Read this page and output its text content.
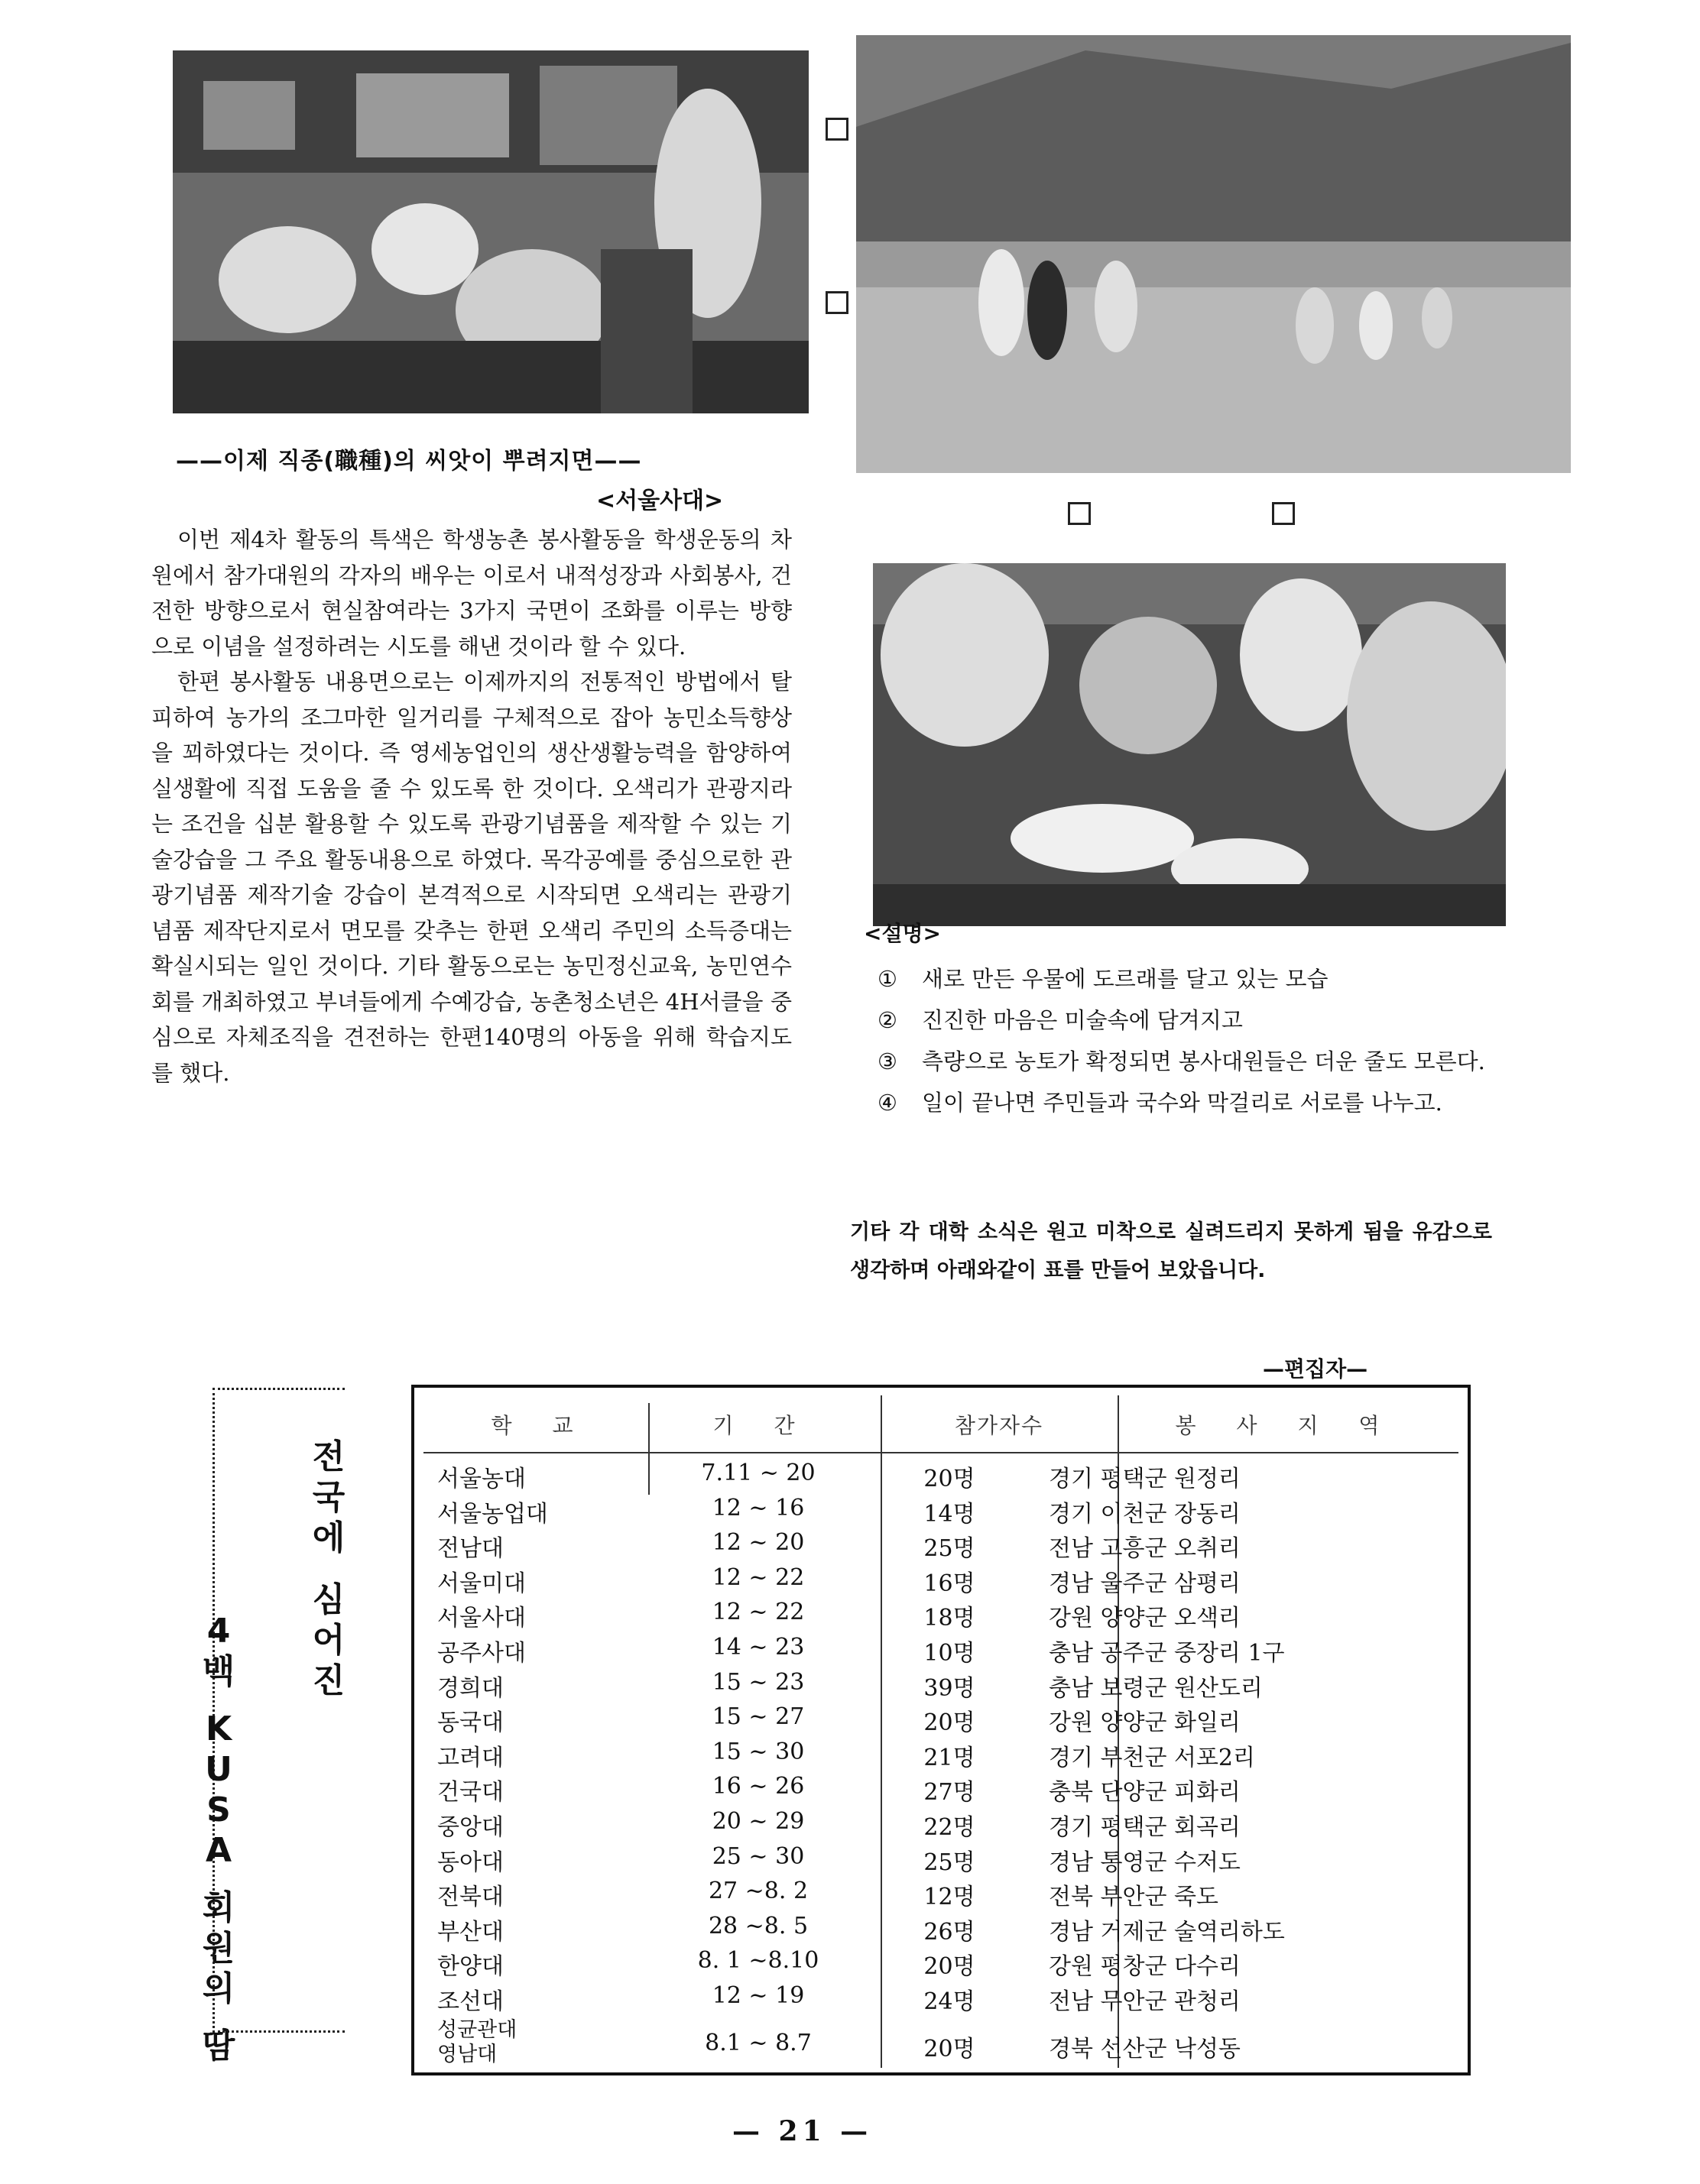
——이제 직종(職種)의 씨앗이 뿌려지면——
<서울사대>

이번 제4차 활동의 특색은 학생농촌 봉사활동을 학생운동의 차원에서 참가대원의 각자의 배우는 이로서 내적성장과 사회봉사, 건전한 방향으로서 현실참여라는 3가지 국면이 조화를 이루는 방향으로 이념을 설정하려는 시도를 해낸 것이라 할 수 있다.

한편 봉사활동 내용면으로는 이제까지의 전통적인 방법에서 탈피하여 농가의 조그마한 일거리를 구체적으로 잡아 농민소득향상을 꾀하였다는 것이다. 즉 영세농업인의 생산생활능력을 함양하여 실생활에 직접 도움을 줄 수 있도록 한 것이다. 오색리가 관광지라는 조건을 십분 활용할 수 있도록 관광기념품을 제작할 수 있는 기술강습을 그 주요 활동내용으로 하였다. 목각공예를 중심으로한 관광기념품 제작기술 강습이 본격적으로 시작되면 오색리는 관광기념품 제작단지로서 면모를 갖추는 한편 오색리 주민의 소득증대는 확실시되는 일인 것이다. 기타 활동으로는 농민정신교육, 농민연수회를 개최하였고 부녀들에게 수예강습, 농촌청소년은 4H서클을 중심으로 자체조직을 견전하는 한편140명의 아동을 위해 학습지도를 했다.

<설명>
① 새로 만든 우물에 도르래를 달고 있는 모습
② 진진한 마음은 미술속에 담겨지고
③ 측량으로 농토가 확정되면 봉사대원들은 더운 줄도 모른다.
④ 일이 끝나면 주민들과 국수와 막걸리로 서로를 나누고.
기타 각 대학 소식은 원고 미착으로 실려드리지 못하게 됨을 유감으로 생각하며 아래와같이 표를 만들어 보았읍니다.
—편집자—
전
국
에
심
어
진
4
백
K
U
S
A
회
원
의
땀
학 교	기 간	참가자수	봉 사 지 역
서울농대	7.11 ~ 20	20명	경기 평택군 원정리
서울농업대	12 ~ 16	14명	경기 이천군 장동리
전남대	12 ~ 20	25명	전남 고흥군 오취리
서울미대	12 ~ 22	16명	경남 울주군 삼평리
서울사대	12 ~ 22	18명	강원 양양군 오색리
공주사대	14 ~ 23	10명	충남 공주군 중장리 1구
경희대	15 ~ 23	39명	충남 보령군 원산도리
동국대	15 ~ 27	20명	강원 양양군 화일리
고려대	15 ~ 30	21명	경기 부천군 서포2리
건국대	16 ~ 26	27명	충북 단양군 피화리
중앙대	20 ~ 29	22명	경기 평택군 회곡리
동아대	25 ~ 30	25명	경남 통영군 수저도
전북대	27 ~8. 2	12명	전북 부안군 죽도
부산대	28 ~8. 5	26명	경남 거제군 술역리하도
한양대	8. 1 ~8.10	20명	강원 평창군 다수리
조선대	12 ~ 19	24명	전남 무안군 관청리
성균관대
영남대	8.1 ~ 8.7	20명	경북 선산군 낙성동
— 21 —
